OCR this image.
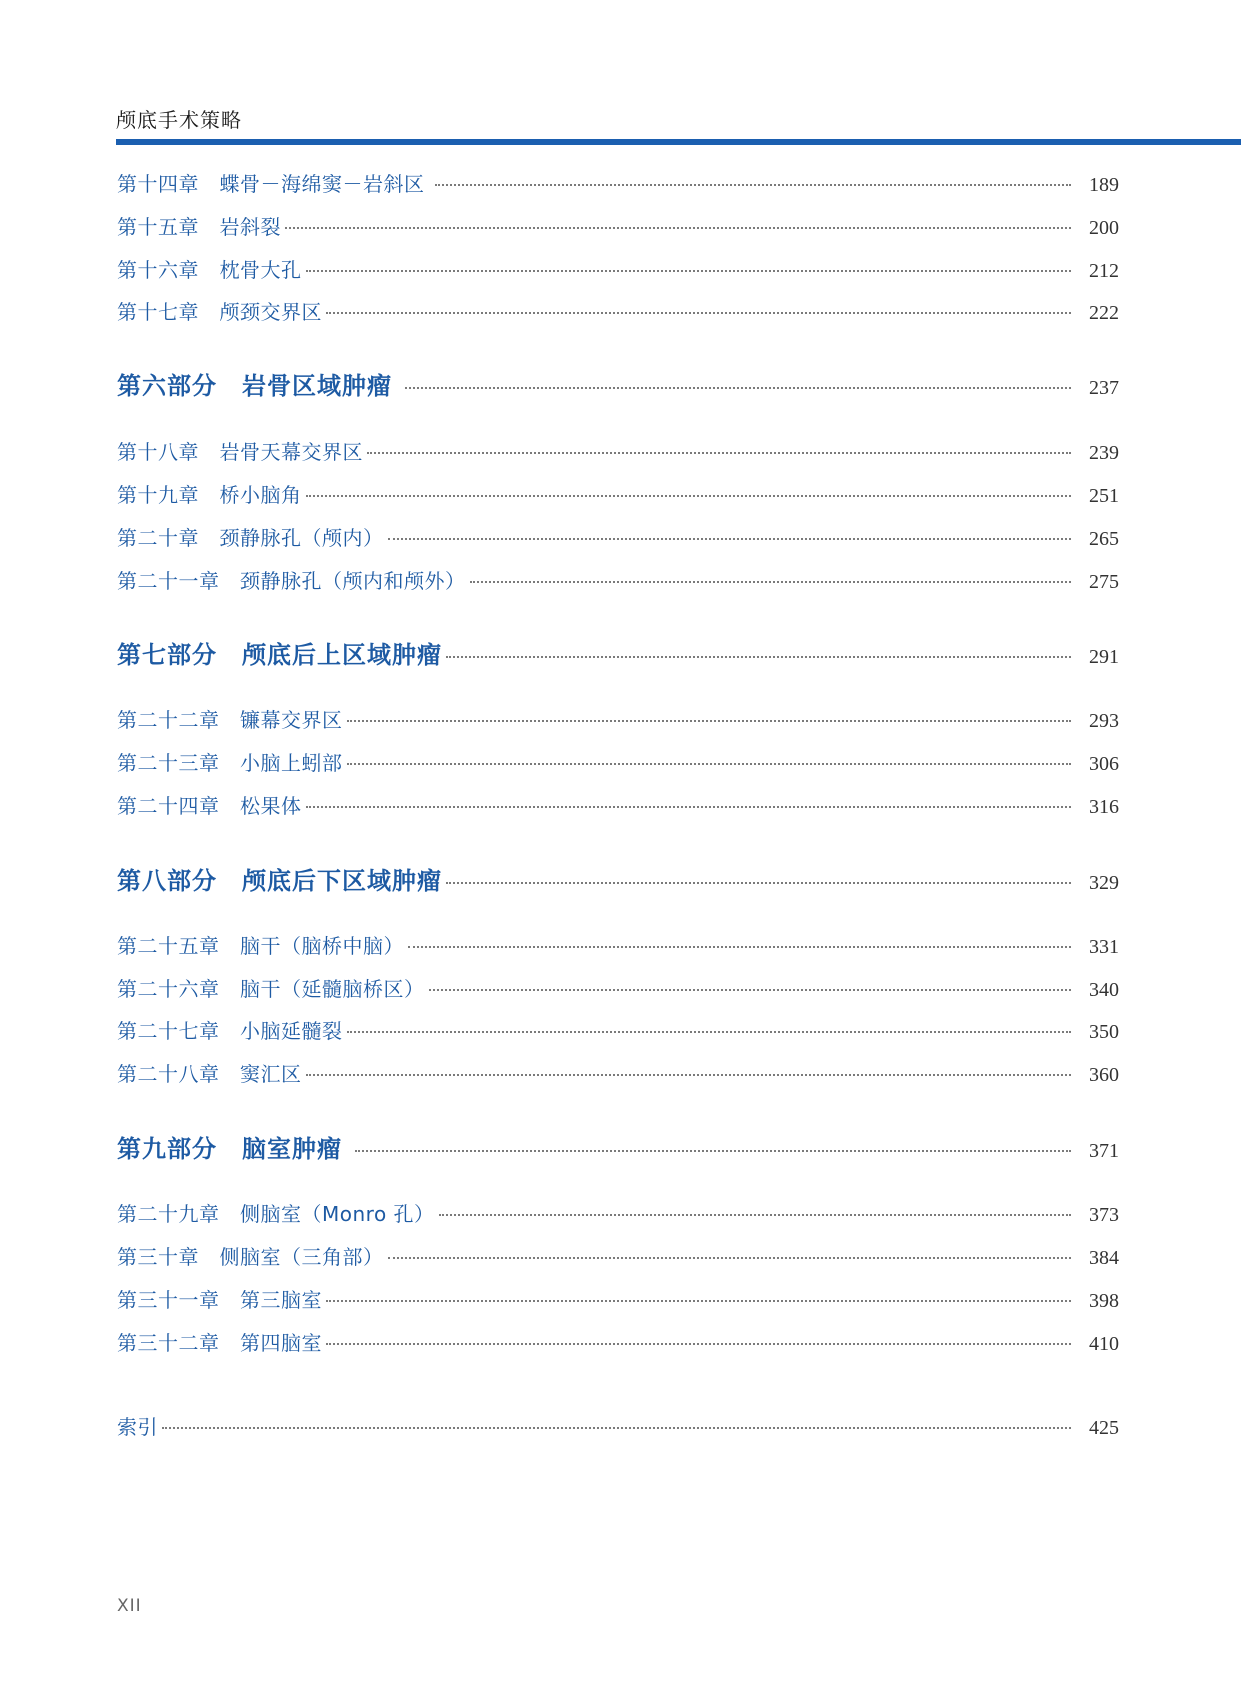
颅底手术策略
第十四章　蝶骨－海绵窦－岩斜区	189
第十五章　岩斜裂	200
第十六章　枕骨大孔	212
第十七章　颅颈交界区	222
第六部分　岩骨区域肿瘤	237
第十八章　岩骨天幕交界区	239
第十九章　桥小脑角	251
第二十章　颈静脉孔（颅内）	265
第二十一章　颈静脉孔（颅内和颅外）	275
第七部分　颅底后上区域肿瘤	291
第二十二章　镰幕交界区	293
第二十三章　小脑上蚓部	306
第二十四章　松果体	316
第八部分　颅底后下区域肿瘤	329
第二十五章　脑干（脑桥中脑）	331
第二十六章　脑干（延髓脑桥区）	340
第二十七章　小脑延髓裂	350
第二十八章　窦汇区	360
第九部分　脑室肿瘤	371
第二十九章　侧脑室（Monro 孔）	373
第三十章　侧脑室（三角部）	384
第三十一章　第三脑室	398
第三十二章　第四脑室	410
索引	425
XII
